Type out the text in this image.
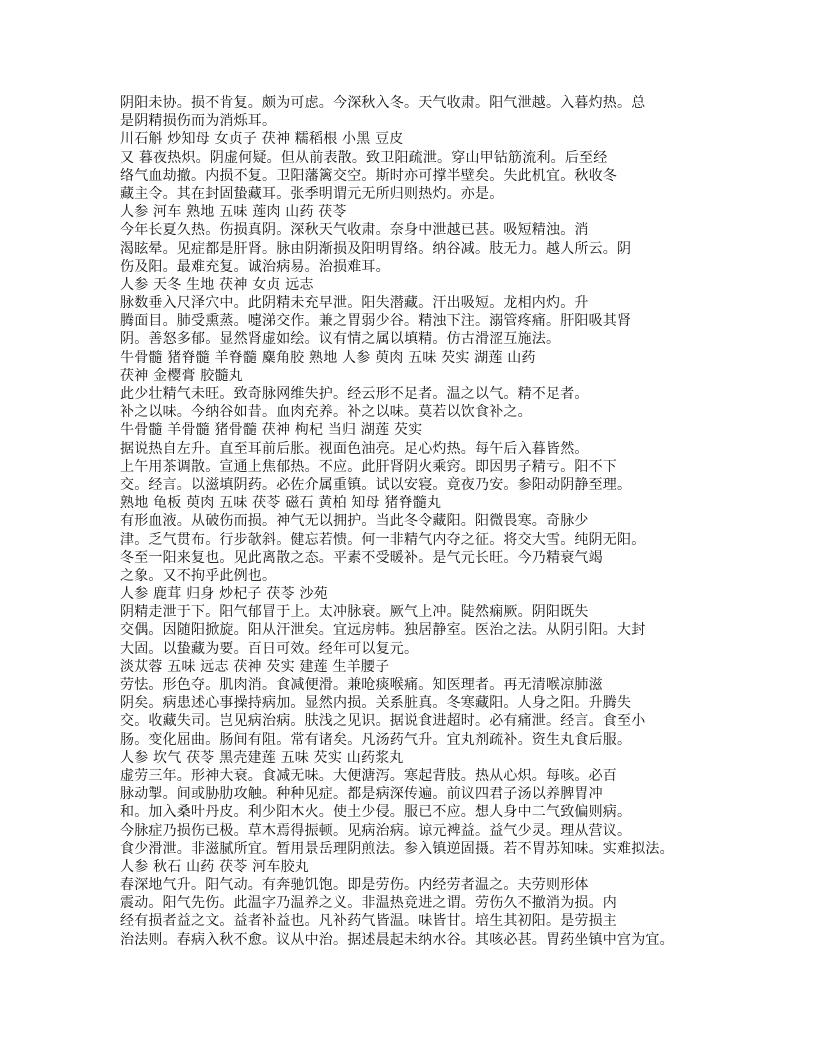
阴阳未协。损不肯复。颇为可虑。今深秋入冬。天气收肃。阳气泄越。入暮灼热。总
是阴精损伤而为消烁耳。
川石斛 炒知母 女贞子 茯神 糯稻根 小黑 豆皮
又 暮夜热炽。阴虚何疑。但从前表散。致卫阳疏泄。穿山甲钻筋流利。后至经
络气血劫撤。内损不复。卫阳藩篱交空。斯时亦可撑半壁矣。失此机宜。秋收冬
藏主令。其在封固蛰藏耳。张季明谓元无所归则热灼。亦是。
人参 河车 熟地 五味 莲肉 山药 茯苓
今年长夏久热。伤损真阴。深秋天气收肃。奈身中泄越已甚。吸短精浊。消
渴眩晕。见症都是肝肾。脉由阴渐损及阳明胃络。纳谷减。肢无力。越人所云。阴
伤及阳。最难充复。诚治病易。治损难耳。
人参 天冬 生地 茯神 女贞 远志
脉数垂入尺泽穴中。此阴精未充早泄。阳失潜藏。汗出吸短。龙相内灼。升
腾面目。肺受熏蒸。嚏涕交作。兼之胃弱少谷。精浊下注。溺管疼痛。肝阳吸其肾
阴。善怒多郁。显然肾虚如绘。议有情之属以填精。仿古滑涩互施法。
牛骨髓 猪脊髓 羊脊髓 麋角胶 熟地 人参 萸肉 五味 芡实 湖莲 山药
茯神 金樱膏 胶髓丸
此少壮精气未旺。致奇脉网维失护。经云形不足者。温之以气。精不足者。
补之以味。今纳谷如昔。血肉充养。补之以味。莫若以饮食补之。
牛骨髓 羊骨髓 猪骨髓 茯神 枸杞 当归 湖莲 芡实
据说热自左升。直至耳前后胀。视面色油亮。足心灼热。每午后入暮皆然。
上午用茶调散。宣通上焦郁热。不应。此肝肾阴火乘窍。即因男子精亏。阳不下
交。经言。以滋填阴药。必佐介属重镇。试以安寝。竟夜乃安。参阳动阴静至理。
熟地 龟板 萸肉 五味 茯苓 磁石 黄柏 知母 猪脊髓丸
有形血液。从破伤而损。神气无以拥护。当此冬令藏阳。阳微畏寒。奇脉少
津。乏气贯布。行步欹斜。健忘若愦。何一非精气内夺之征。将交大雪。纯阴无阳。
冬至一阳来复也。见此离散之态。平素不受暖补。是气元长旺。今乃精衰气竭
之象。又不拘乎此例也。
人参 鹿茸 归身 炒杞子 茯苓 沙苑
阴精走泄于下。阳气郁冒于上。太冲脉衰。厥气上冲。陡然痫厥。阴阳既失
交偶。因随阳掀旋。阳从汗泄矣。宜远房帏。独居静室。医治之法。从阴引阳。大封
大固。以蛰藏为要。百日可效。经年可以复元。
淡苁蓉 五味 远志 茯神 芡实 建莲 生羊腰子
劳怯。形色夺。肌肉消。食减便滑。兼呛痰喉痛。知医理者。再无清喉凉肺滋
阴矣。病患述心事操持病加。显然内损。关系脏真。冬寒藏阳。人身之阳。升腾失
交。收藏失司。岂见病治病。肤浅之见识。据说食进超时。必有痛泄。经言。食至小
肠。变化屈曲。肠间有阻。常有诸矣。凡汤药气升。宜丸剂疏补。资生丸食后服。
人参 坎气 茯苓 黑壳建莲 五味 芡实 山药浆丸
虚劳三年。形神大衰。食减无味。大便溏泻。寒起背肢。热从心炽。每咳。必百
脉动掣。间或胁肋攻触。种种见症。都是病深传遍。前议四君子汤以养脾胃冲
和。加入桑叶丹皮。利少阳木火。使土少侵。服已不应。想人身中二气致偏则病。
今脉症乃损伤已极。草木焉得振顿。见病治病。谅元裨益。益气少灵。理从营议。
食少滑泄。非滋腻所宜。暂用景岳理阴煎法。参入镇逆固摄。若不胃苏知味。实难拟法。
人参 秋石 山药 茯苓 河车胶丸
春深地气升。阳气动。有奔驰饥饱。即是劳伤。内经劳者温之。夫劳则形体
震动。阳气先伤。此温字乃温养之义。非温热竞进之谓。劳伤久不撤消为损。内
经有损者益之文。益者补益也。凡补药气皆温。味皆甘。培生其初阳。是劳损主
治法则。春病入秋不愈。议从中治。据述晨起未纳水谷。其咳必甚。胃药坐镇中宫为宜。
